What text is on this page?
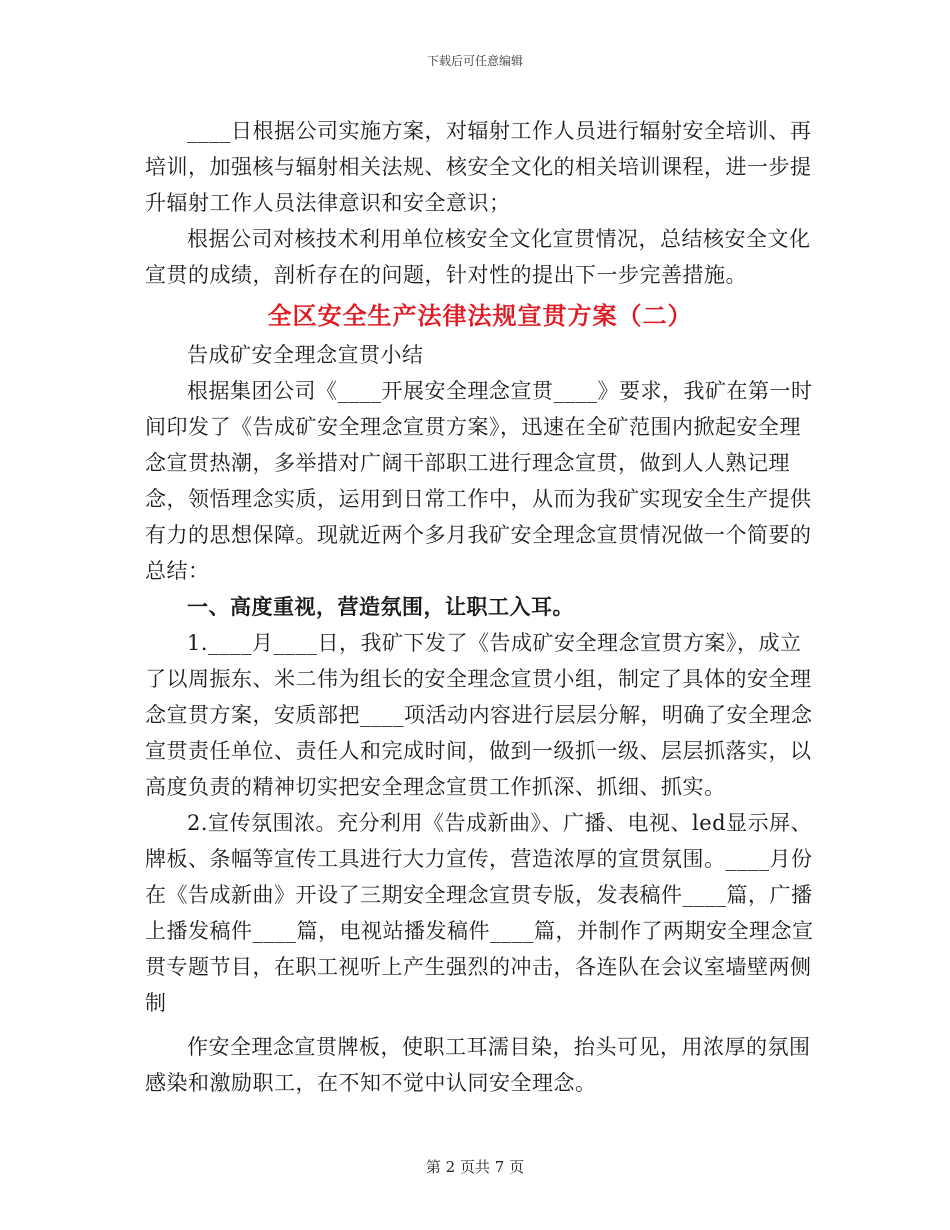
下载后可任意编辑

____日根据公司实施方案，对辐射工作人员进行辐射安全培训、再培训，加强核与辐射相关法规、核安全文化的相关培训课程，进一步提升辐射工作人员法律意识和安全意识；

根据公司对核技术利用单位核安全文化宣贯情况，总结核安全文化宣贯的成绩，剖析存在的问题，针对性的提出下一步完善措施。

全区安全生产法律法规宣贯方案（二）

告成矿安全理念宣贯小结

根据集团公司《____开展安全理念宣贯____》要求，我矿在第一时间印发了《告成矿安全理念宣贯方案》，迅速在全矿范围内掀起安全理念宣贯热潮，多举措对广阔干部职工进行理念宣贯，做到人人熟记理念，领悟理念实质，运用到日常工作中，从而为我矿实现安全生产提供有力的思想保障。现就近两个多月我矿安全理念宣贯情况做一个简要的总结：

一、高度重视，营造氛围，让职工入耳。

1.____月____日，我矿下发了《告成矿安全理念宣贯方案》，成立了以周振东、米二伟为组长的安全理念宣贯小组，制定了具体的安全理念宣贯方案，安质部把____项活动内容进行层层分解，明确了安全理念宣贯责任单位、责任人和完成时间，做到一级抓一级、层层抓落实，以高度负责的精神切实把安全理念宣贯工作抓深、抓细、抓实。

2.宣传氛围浓。充分利用《告成新曲》、广播、电视、led显示屏、牌板、条幅等宣传工具进行大力宣传，营造浓厚的宣贯氛围。____月份在《告成新曲》开设了三期安全理念宣贯专版，发表稿件____篇，广播上播发稿件____篇，电视站播发稿件____篇，并制作了两期安全理念宣贯专题节目，在职工视听上产生强烈的冲击，各连队在会议室墙壁两侧制

作安全理念宣贯牌板，使职工耳濡目染，抬头可见，用浓厚的氛围感染和激励职工，在不知不觉中认同安全理念。

第 2 页共 7 页
